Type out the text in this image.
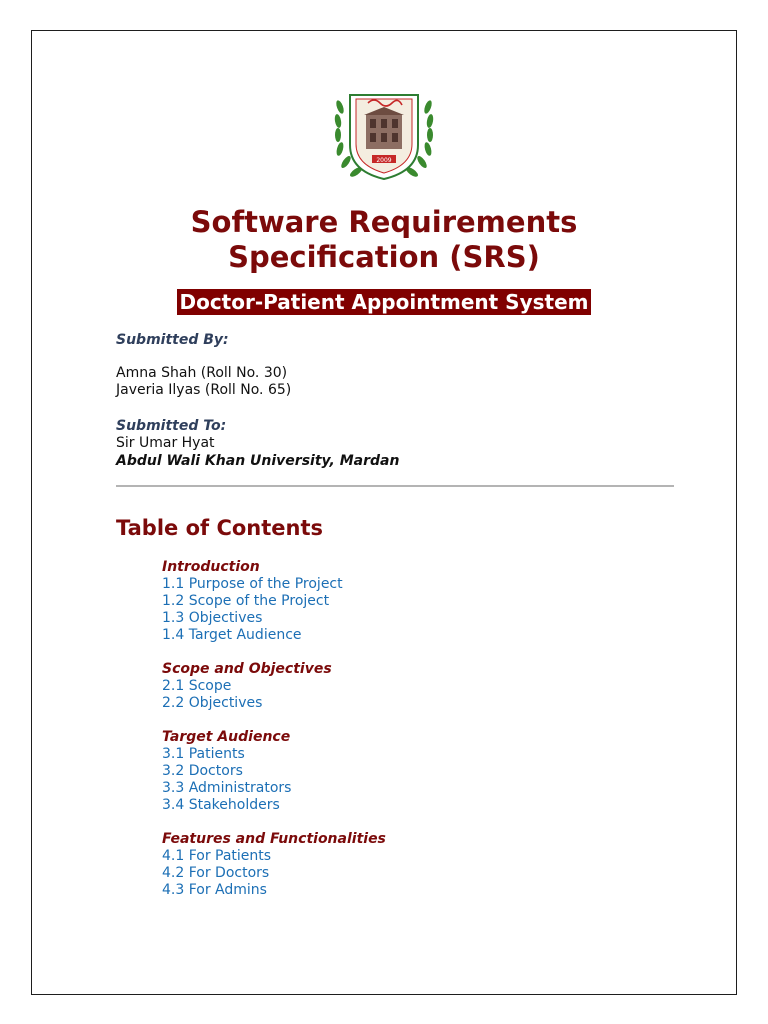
2009
Software Requirements
Specification (SRS)
Doctor-Patient Appointment System
Submitted By:
Amna Shah (Roll No. 30)
Javeria Ilyas (Roll No. 65)
Submitted To:
Sir Umar Hyat
Abdul Wali Khan University, Mardan
Table of Contents
Introduction
1.1 Purpose of the Project
1.2 Scope of the Project
1.3 Objectives
1.4 Target Audience
Scope and Objectives
2.1 Scope
2.2 Objectives
Target Audience
3.1 Patients
3.2 Doctors
3.3 Administrators
3.4 Stakeholders
Features and Functionalities
4.1 For Patients
4.2 For Doctors
4.3 For Admins
